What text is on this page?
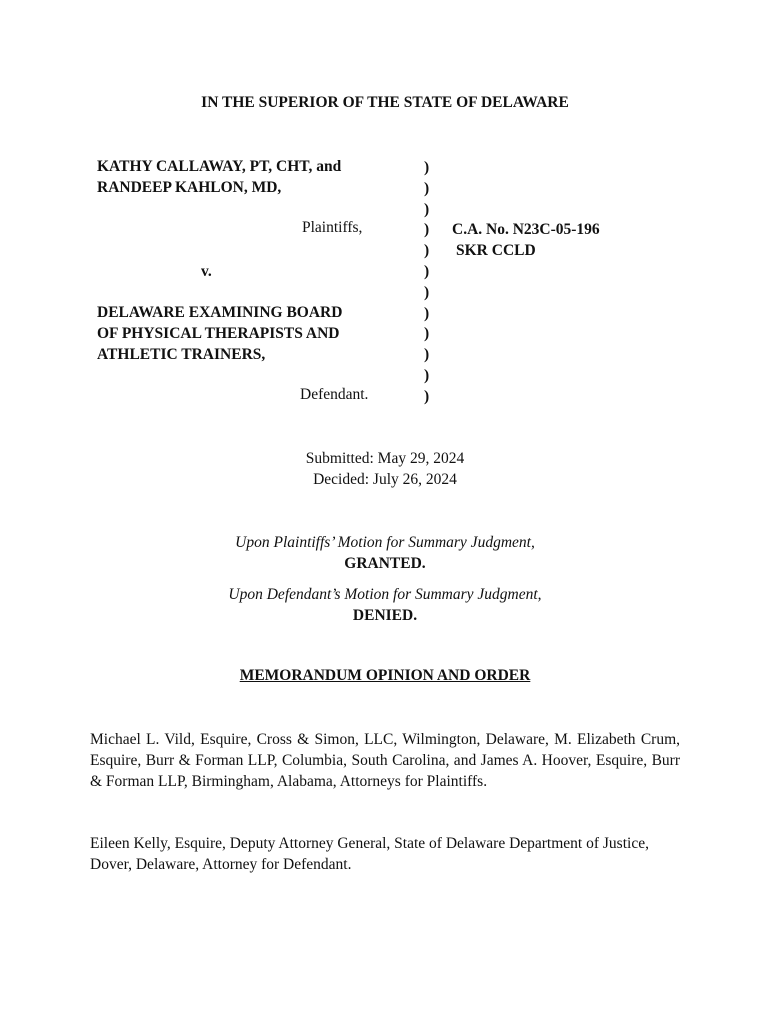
IN THE SUPERIOR OF THE STATE OF DELAWARE
KATHY CALLAWAY, PT, CHT, and
RANDEEP KAHLON, MD,
Plaintiffs,
v.
DELAWARE EXAMINING BOARD
OF PHYSICAL THERAPISTS AND
ATHLETIC TRAINERS,
Defendant.
)
)
)
)
)
)
)
)
)
)
)
)
C.A. No. N23C-05-196
SKR CCLD
Submitted: May 29, 2024
Decided: July 26, 2024
Upon Plaintiffs’ Motion for Summary Judgment,
GRANTED.
Upon Defendant’s Motion for Summary Judgment,
DENIED.
MEMORANDUM OPINION AND ORDER
Michael L. Vild, Esquire, Cross & Simon, LLC, Wilmington, Delaware, M. Elizabeth Crum, Esquire, Burr & Forman LLP, Columbia, South Carolina, and James A. Hoover, Esquire, Burr & Forman LLP, Birmingham, Alabama, Attorneys for Plaintiffs.
Eileen Kelly, Esquire, Deputy Attorney General, State of Delaware Department of Justice, Dover, Delaware, Attorney for Defendant.
